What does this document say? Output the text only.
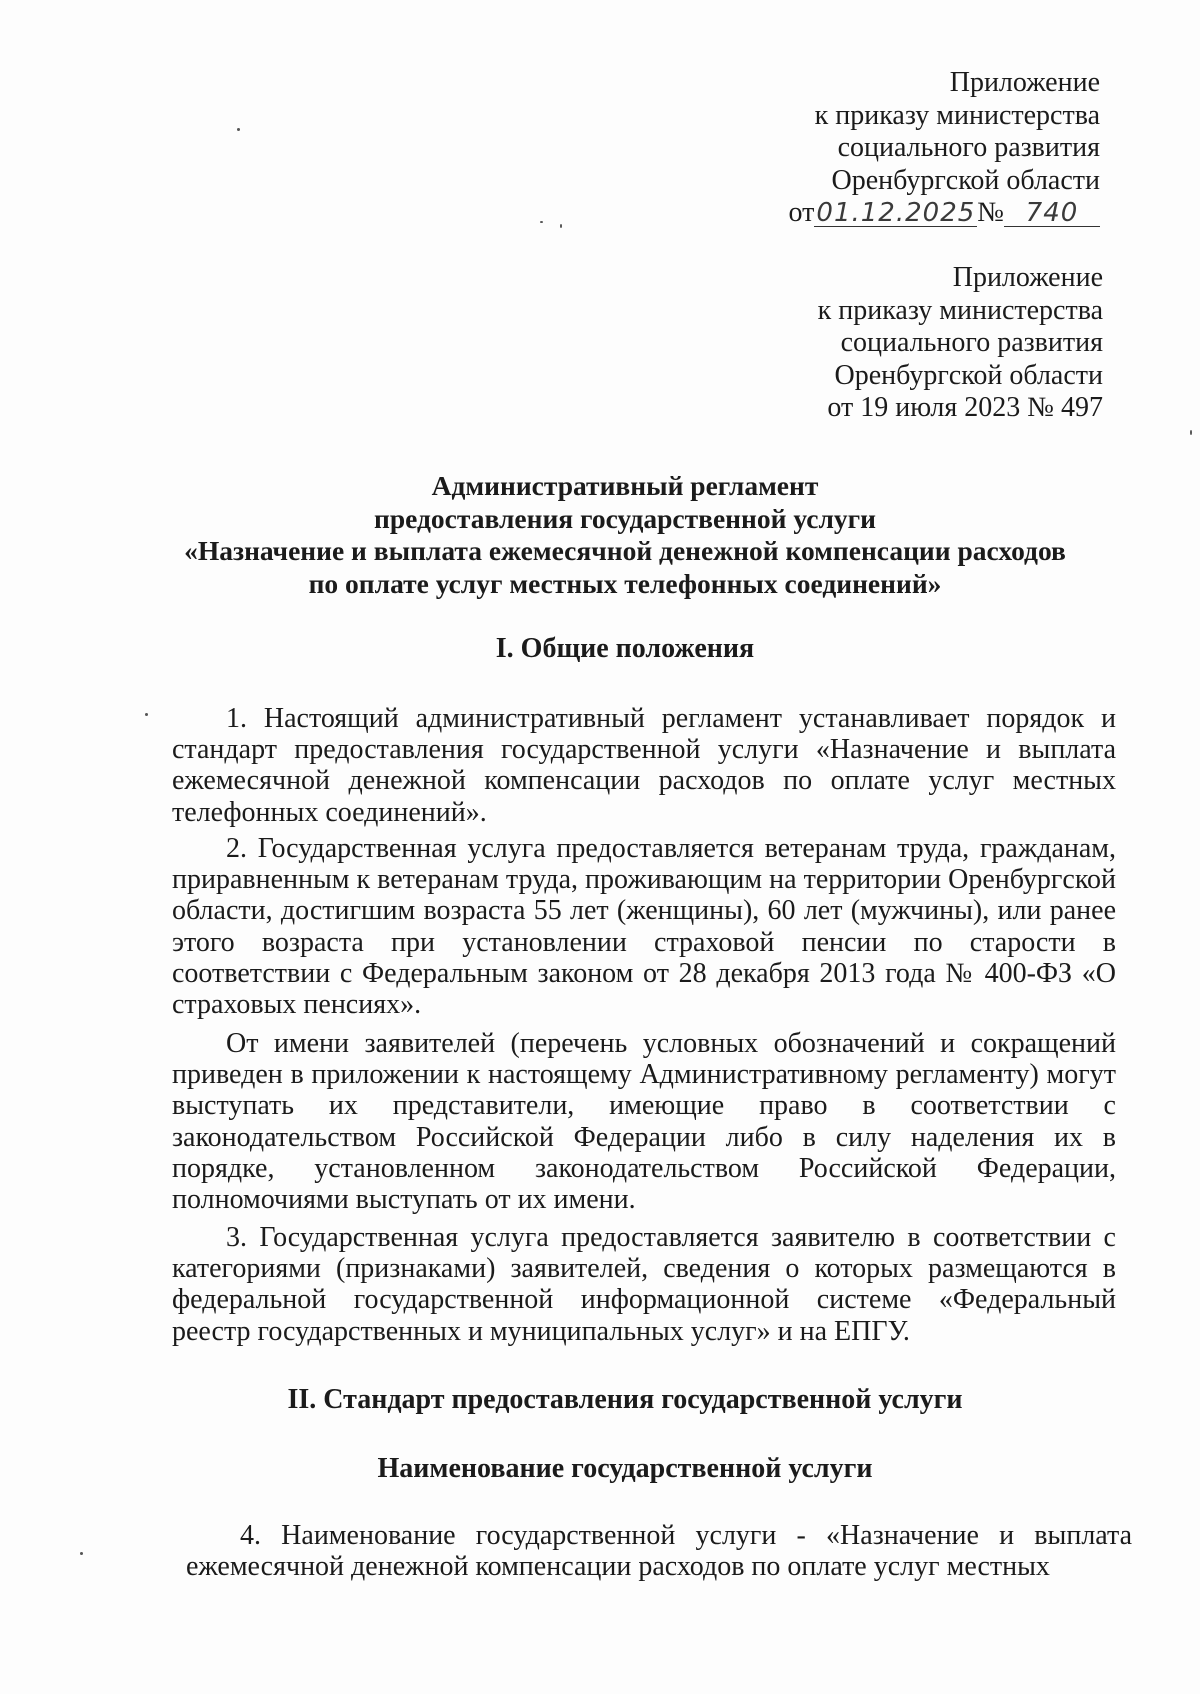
Приложение
к приказу министерства
социального развития
Оренбургской области
от01.12.2025№ 740
Приложение
к приказу министерства
социального развития
Оренбургской области
от 19 июля 2023 № 497
Административный регламент
предоставления государственной услуги
«Назначение и выплата ежемесячной денежной компенсации расходов
по оплате услуг местных телефонных соединений»
I. Общие положения

1. Настоящий административный регламент устанавливает порядок и стандарт предоставления государственной услуги «Назначение и выплата ежемесячной денежной компенсации расходов по оплате услуг местных телефонных соединений».

2. Государственная услуга предоставляется ветеранам труда, гражданам, приравненным к ветеранам труда, проживающим на территории Оренбургской области, достигшим возраста 55 лет (женщины), 60 лет (мужчины), или ранее этого возраста при установлении страховой пенсии по старости в соответствии с Федеральным законом от 28 декабря 2013 года № 400-ФЗ «О страховых пенсиях».

От имени заявителей (перечень условных обозначений и сокращений приведен в приложении к настоящему Административному регламенту) могут выступать их представители, имеющие право в соответствии с законодательством Российской Федерации либо в силу наделения их в порядке, установленном законодательством Российской Федерации, полномочиями выступать от их имени.

3. Государственная услуга предоставляется заявителю в соответствии с категориями (признаками) заявителей, сведения о которых размещаются в федеральной государственной информационной системе «Федеральный реестр государственных и муниципальных услуг» и на ЕПГУ.

II. Стандарт предоставления государственной услуги
Наименование государственной услуги

4. Наименование государственной услуги - «Назначение и выплата ежемесячной денежной компенсации расходов по оплате услуг местных
